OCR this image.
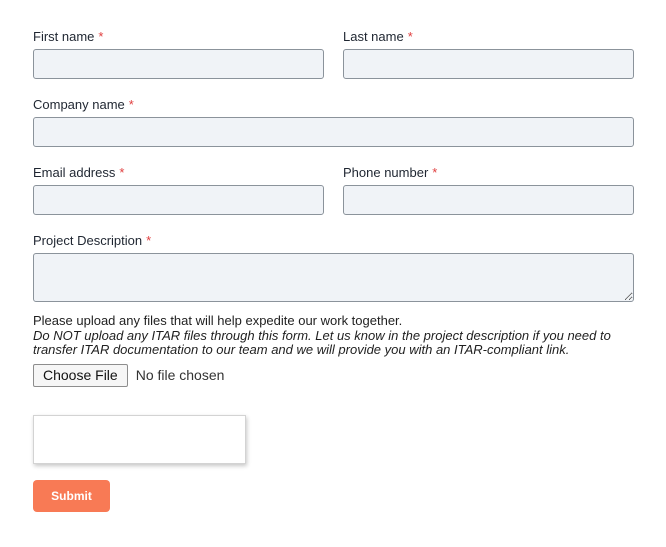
First name *	Last name *
Company name *
Email address *	Phone number *
Project Description *
Please upload any files that will help expedite our work together.
Do NOT upload any ITAR files through this form. Let us know in the project description if you need to transfer ITAR documentation to our team and we will provide you with an ITAR-compliant link.
Choose File	No file chosen
Submit
